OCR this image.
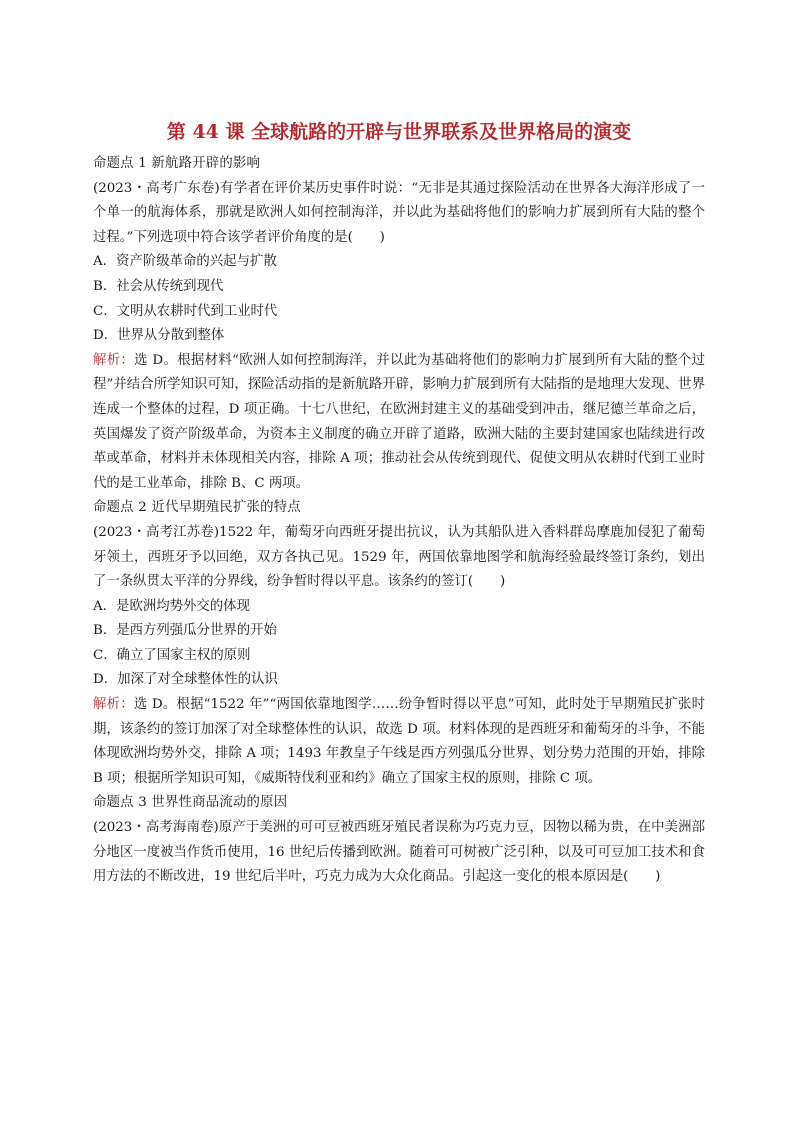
第 44 课 全球航路的开辟与世界联系及世界格局的演变

命题点 1 新航路开辟的影响

(2023・高考广东卷)有学者在评价某历史事件时说：“无非是其通过探险活动在世界各大海洋形成了一个单一的航海体系，那就是欧洲人如何控制海洋，并以此为基础将他们的影响力扩展到所有大陆的整个过程。”下列选项中符合该学者评价角度的是(　　)

A．资产阶级革命的兴起与扩散

B．社会从传统到现代

C．文明从农耕时代到工业时代

D．世界从分散到整体

解析：选 D。根据材料“欧洲人如何控制海洋，并以此为基础将他们的影响力扩展到所有大陆的整个过程”并结合所学知识可知，探险活动指的是新航路开辟，影响力扩展到所有大陆指的是地理大发现、世界连成一个整体的过程，D 项正确。十七八世纪，在欧洲封建主义的基础受到冲击，继尼德兰革命之后，英国爆发了资产阶级革命，为资本主义制度的确立开辟了道路，欧洲大陆的主要封建国家也陆续进行改革或革命，材料并未体现相关内容，排除 A 项；推动社会从传统到现代、促使文明从农耕时代到工业时代的是工业革命，排除 B、C 两项。

命题点 2 近代早期殖民扩张的特点

(2023・高考江苏卷)1522 年，葡萄牙向西班牙提出抗议，认为其船队进入香料群岛摩鹿加侵犯了葡萄牙领土，西班牙予以回绝，双方各执己见。1529 年，两国依靠地图学和航海经验最终签订条约，划出了一条纵贯太平洋的分界线，纷争暂时得以平息。该条约的签订(　　)

A．是欧洲均势外交的体现

B．是西方列强瓜分世界的开始

C．确立了国家主权的原则

D．加深了对全球整体性的认识

解析：选 D。根据“1522 年”“两国依靠地图学……纷争暂时得以平息”可知，此时处于早期殖民扩张时期，该条约的签订加深了对全球整体性的认识，故选 D 项。材料体现的是西班牙和葡萄牙的斗争，不能体现欧洲均势外交，排除 A 项；1493 年教皇子午线是西方列强瓜分世界、划分势力范围的开始，排除 B 项；根据所学知识可知，《威斯特伐利亚和约》确立了国家主权的原则，排除 C 项。

命题点 3 世界性商品流动的原因

(2023・高考海南卷)原产于美洲的可可豆被西班牙殖民者误称为巧克力豆，因物以稀为贵，在中美洲部分地区一度被当作货币使用，16 世纪后传播到欧洲。随着可可树被广泛引种，以及可可豆加工技术和食用方法的不断改进，19 世纪后半叶，巧克力成为大众化商品。引起这一变化的根本原因是(　　)
